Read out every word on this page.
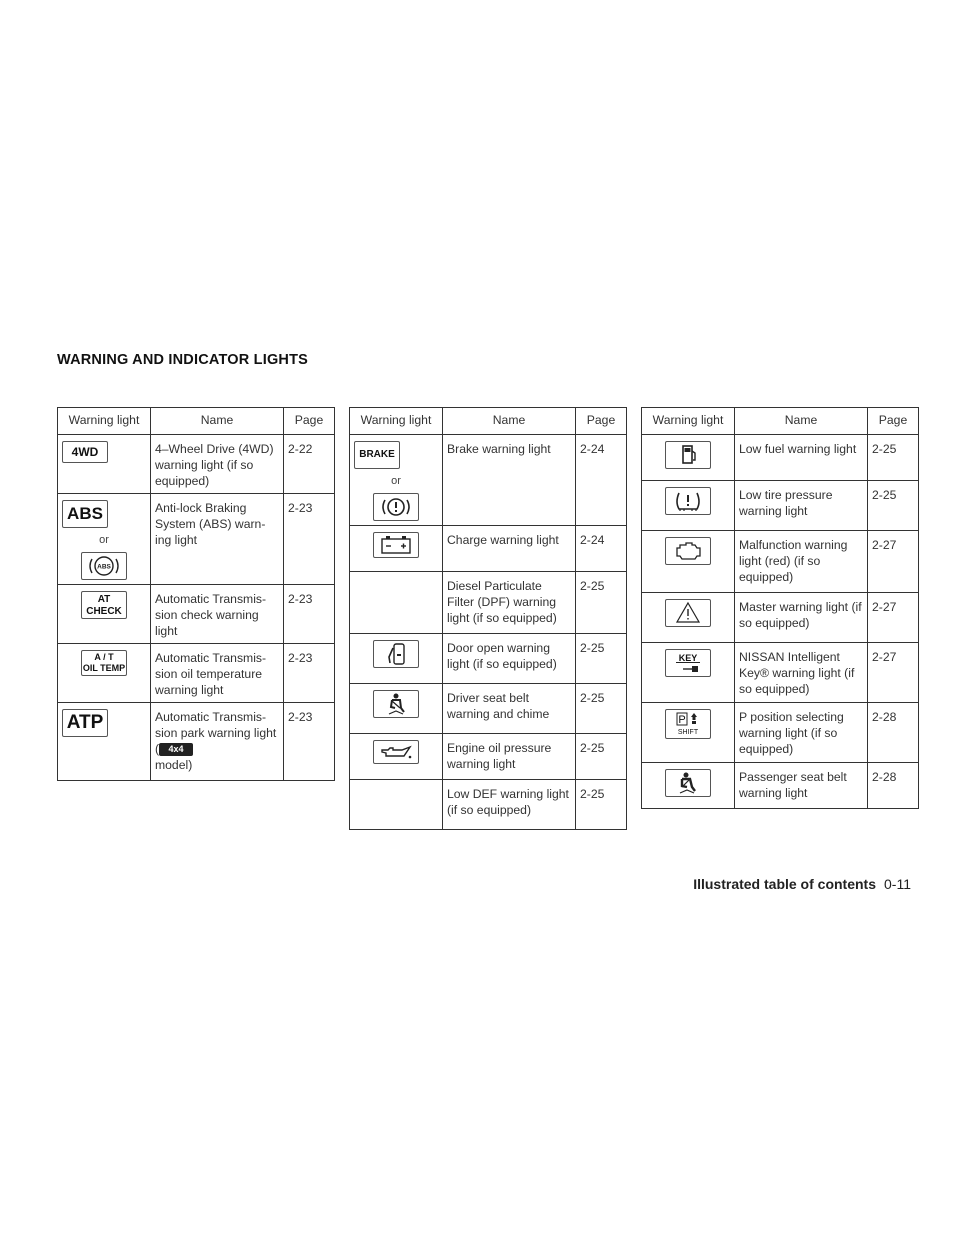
WARNING AND INDICATOR LIGHTS
Warning light	Name	Page

4WD	4–Wheel Drive (4WD) warning light (if so equipped)	2-22

ABS
or
ABS	Anti-lock Braking System (ABS) warn-ing light	2-23

AT
CHECK	Automatic Transmis-sion check warning light	2-23

A / T
OIL TEMP	Automatic Transmis-sion oil temperature warning light	2-23

ATP	Automatic Transmis-sion park warning light ( 4x4
model)	2-23
Warning light	Name	Page

BRAKE
or	Brake warning light	2-24

	Charge warning light	2-24
	Diesel Particulate Filter (DPF) warning light (if so equipped)	2-25

	Door open warning light (if so equipped)	2-25

	Driver seat belt warning and chime	2-25

	Engine oil pressure warning light	2-25
	Low DEF warning light (if so equipped)	2-25
Warning light	Name	Page

	Low fuel warning light	2-25

	Low tire pressure warning light	2-25

	Malfunction warning light (red) (if so equipped)	2-27

	Master warning light (if so equipped)	2-27

KEY	NISSAN Intelligent Key® warning light (if so equipped)	2-27

P
SHIFT	P position selecting warning light (if so equipped)	2-28

	Passenger seat belt warning light	2-28
Illustrated table of contents 0-11
